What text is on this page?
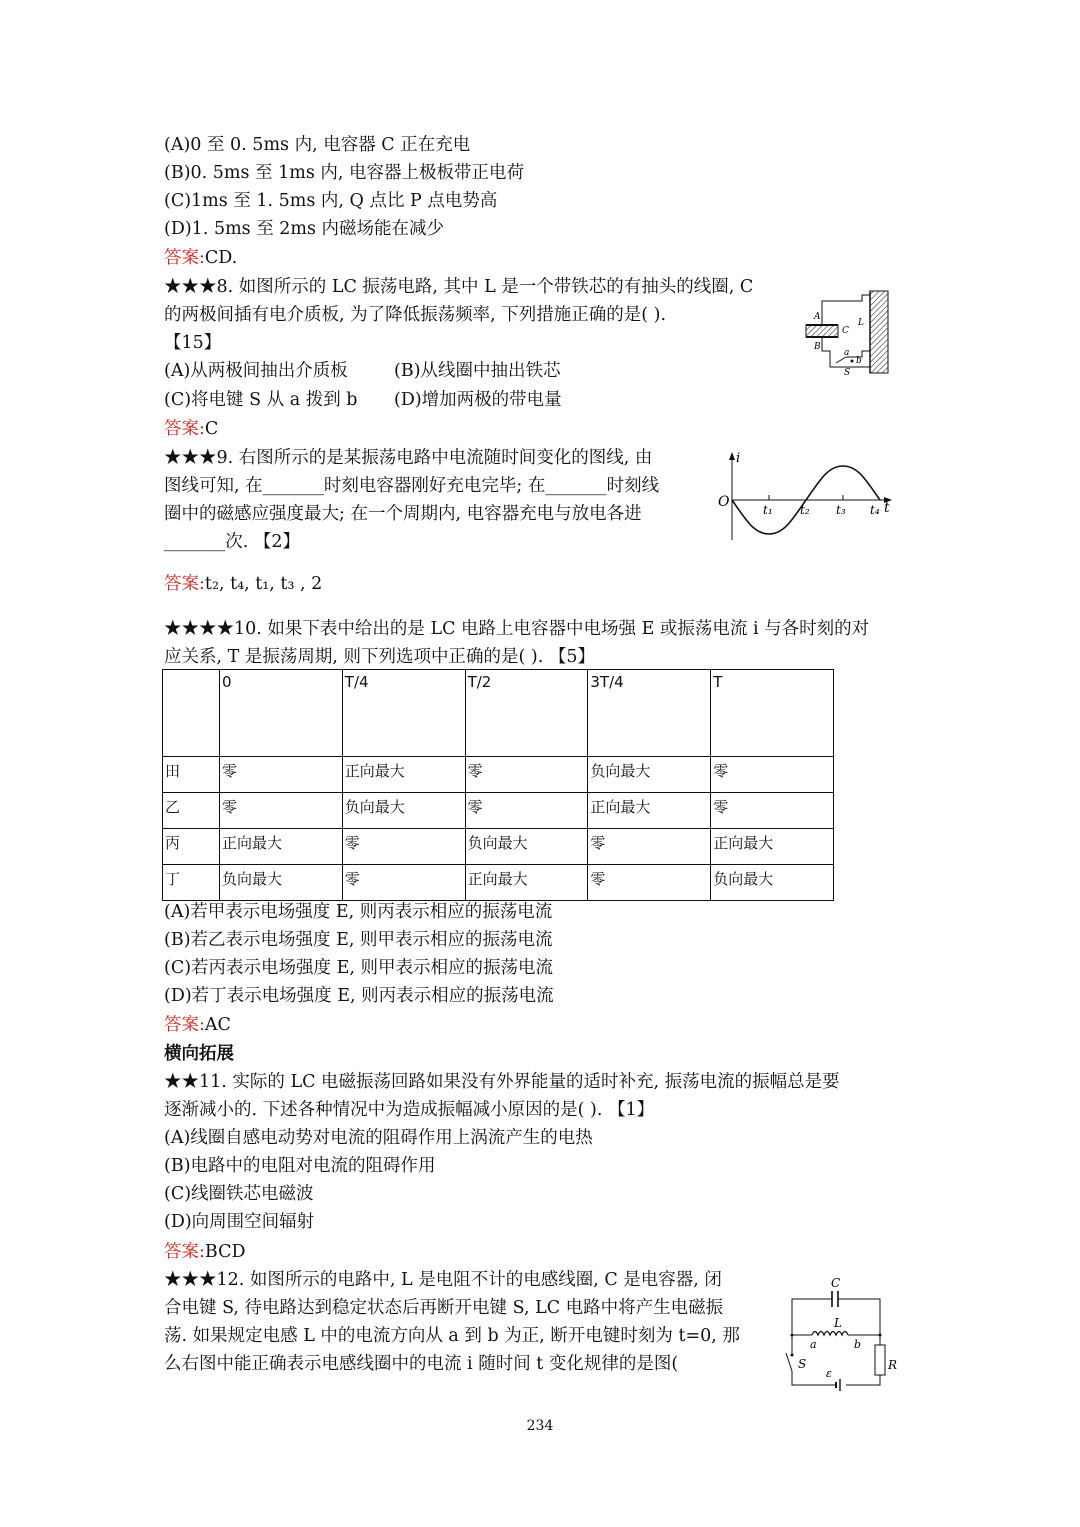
(A)0 至 0. 5ms 内, 电容器 C 正在充电
(B)0. 5ms 至 1ms 内, 电容器上极板带正电荷
(C)1ms 至 1. 5ms 内, Q 点比 P 点电势高
(D)1. 5ms 至 2ms 内磁场能在减少
答案:CD.
★★★8. 如图所示的 LC 振荡电路, 其中 L 是一个带铁芯的有抽头的线圈, C
的两极间插有电介质板, 为了降低振荡频率, 下列措施正确的是( ).
【15】
(A)从两极间抽出介质板	(B)从线圈中抽出铁芯
(C)将电键 S 从 a 拨到 b (D)增加两极的带电量
答案:C
A
B
C
L
a
b
S
★★★9. 右图所示的是某振荡电路中电流随时间变化的图线, 由
图线可知, 在_______时刻电容器刚好充电完毕; 在_______时刻线
圈中的磁感应强度最大; 在一个周期内, 电容器充电与放电各进
_______次. 【2】
答案:t₂, t₄, t₁, t₃ , 2
i
O	t
t₁ t₂ t₃ t₄
★★★★10. 如果下表中给出的是 LC 电路上电容器中电场强 E 或振荡电流 i 与各时刻的对
应关系, T 是振荡周期, 则下列选项中正确的是( ). 【5】
	0	T/4	T/2	3T/4	T
田	零	正向最大	零	负向最大	零
乙	零	负向最大	零	正向最大	零
丙	正向最大	零	负向最大	零	正向最大
丁	负向最大	零	正向最大	零	负向最大
(A)若甲表示电场强度 E, 则丙表示相应的振荡电流
(B)若乙表示电场强度 E, 则甲表示相应的振荡电流
(C)若丙表示电场强度 E, 则甲表示相应的振荡电流
(D)若丁表示电场强度 E, 则丙表示相应的振荡电流
答案:AC
横向拓展
★★11. 实际的 LC 电磁振荡回路如果没有外界能量的适时补充, 振荡电流的振幅总是要
逐渐减小的. 下述各种情况中为造成振幅减小原因的是( ). 【1】
(A)线圈自感电动势对电流的阻碍作用上涡流产生的电热
(B)电路中的电阻对电流的阻碍作用
(C)线圈铁芯电磁波
(D)向周围空间辐射
答案:BCD
★★★12. 如图所示的电路中, L 是电阻不计的电感线圈, C 是电容器, 闭
合电键 S, 待电路达到稳定状态后再断开电键 S, LC 电路中将产生电磁振
荡. 如果规定电感 L 中的电流方向从 a 到 b 为正, 断开电键时刻为 t=0, 那
么右图中能正确表示电感线圈中的电流 i 随时间 t 变化规律的是图(
C
L
a	b
S
ε
R
234
